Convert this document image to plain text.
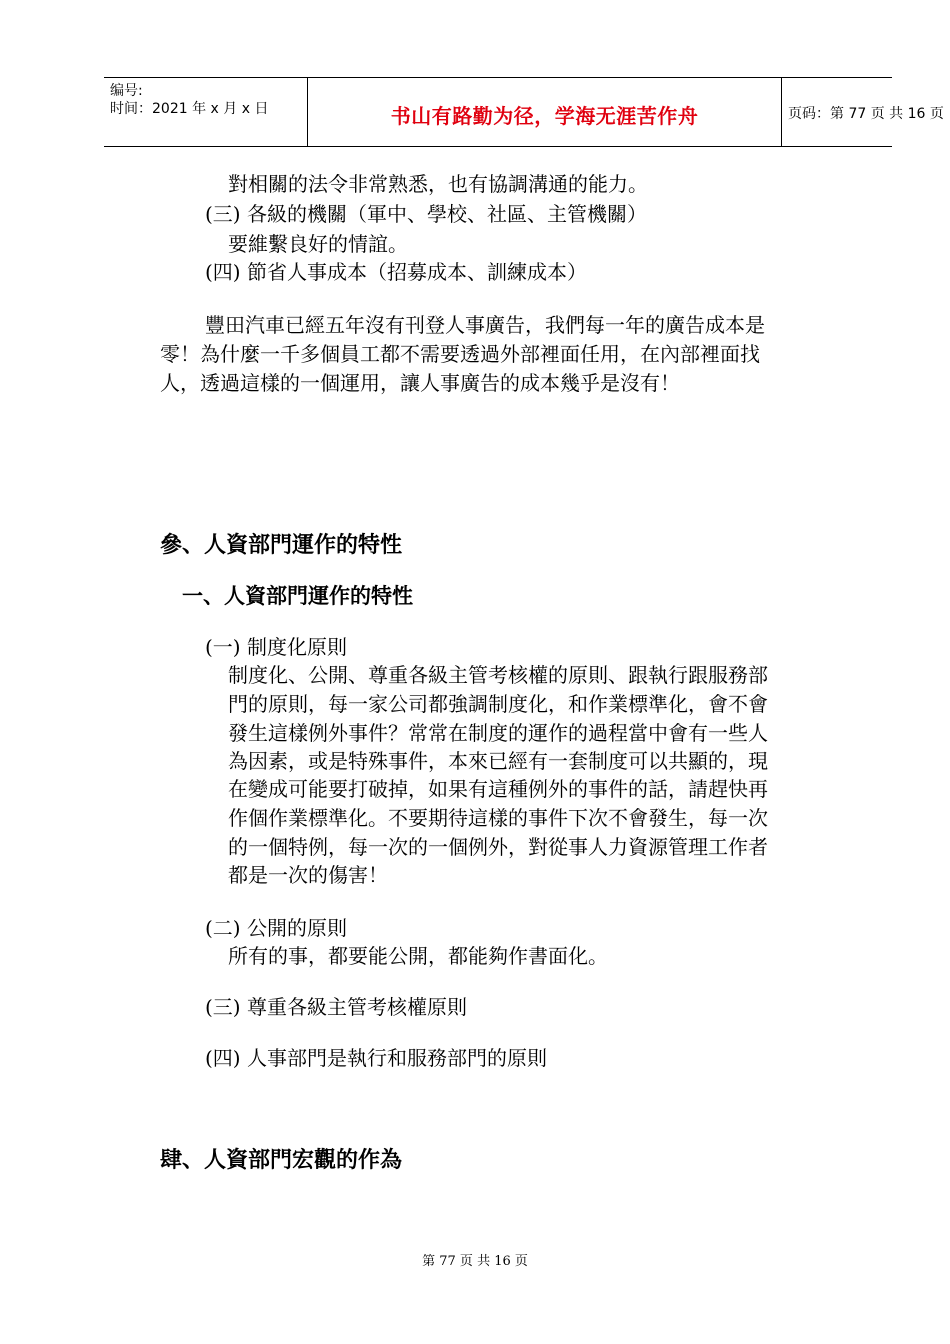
编号:
时间：2021 年 x 月 x 日	书山有路勤为径，学海无涯苦作舟	页码：第 77 页 共 16 页
對相關的法令非常熟悉，也有協調溝通的能力。
(三) 各級的機關（軍中、學校、社區、主管機關）
要維繫良好的情誼。
(四) 節省人事成本（招募成本、訓練成本）
豐田汽車已經五年沒有刊登人事廣告，我們每一年的廣告成本是
零！為什麼一千多個員工都不需要透過外部裡面任用，在內部裡面找
人，透過這樣的一個運用，讓人事廣告的成本幾乎是沒有！
參、人資部門運作的特性
一、人資部門運作的特性
(一) 制度化原則
制度化、公開、尊重各級主管考核權的原則、跟執行跟服務部
門的原則，每一家公司都強調制度化，和作業標準化，會不會
發生這樣例外事件？常常在制度的運作的過程當中會有一些人
為因素，或是特殊事件，本來已經有一套制度可以共顯的，現
在變成可能要打破掉，如果有這種例外的事件的話，請趕快再
作個作業標準化。不要期待這樣的事件下次不會發生，每一次
的一個特例，每一次的一個例外，對從事人力資源管理工作者
都是一次的傷害！
(二) 公開的原則
所有的事，都要能公開，都能夠作書面化。
(三) 尊重各級主管考核權原則
(四) 人事部門是執行和服務部門的原則
肆、人資部門宏觀的作為
第 77 页 共 16 页
